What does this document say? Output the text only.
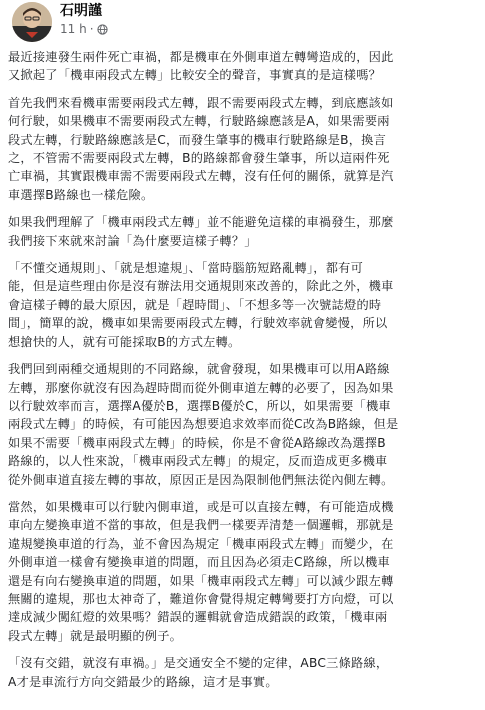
石明謹
11 h ·

最近接連發生兩件死亡車禍，都是機車在外側車道左轉彎造成的，因此
又掀起了「機車兩段式左轉」比較安全的聲音，事實真的是這樣嗎？

首先我們來看機車需要兩段式左轉，跟不需要兩段式左轉，到底應該如
何行駛，如果機車不需要兩段式左轉，行駛路線應該是A，如果需要兩
段式左轉，行駛路線應該是C，而發生肇事的機車行駛路線是B，換言
之，不管需不需要兩段式左轉，B的路線都會發生肇事，所以這兩件死
亡車禍，其實跟機車需不需要兩段式左轉，沒有任何的關係，就算是汽
車選擇B路線也一樣危險。

如果我們理解了「機車兩段式左轉」並不能避免這樣的車禍發生，那麼
我們接下來就來討論「為什麼要這樣子轉？」

「不懂交通規則」、「就是想違規」、「當時腦筋短路亂轉」，都有可
能，但是這些理由你是沒有辦法用交通規則來改善的，除此之外，機車
會這樣子轉的最大原因，就是「趕時間」、「不想多等一次號誌燈的時
間」，簡單的說，機車如果需要兩段式左轉，行駛效率就會變慢，所以
想搶快的人，就有可能採取B的方式左轉。

我們回到兩種交通規則的不同路線，就會發現，如果機車可以用A路線
左轉，那麼你就沒有因為趕時間而從外側車道左轉的必要了，因為如果
以行駛效率而言，選擇A優於B，選擇B優於C，所以，如果需要「機車
兩段式左轉」的時候，有可能因為想要追求效率而從C改為B路線，但是
如果不需要「機車兩段式左轉」的時候，你是不會從A路線改為選擇B
路線的，以人性來說，「機車兩段式左轉」的規定，反而造成更多機車
從外側車道直接左轉的事故，原因正是因為限制他們無法從內側左轉。

當然，如果機車可以行駛內側車道，或是可以直接左轉，有可能造成機
車向左變換車道不當的事故，但是我們一樣要弄清楚一個邏輯，那就是
違規變換車道的行為，並不會因為規定「機車兩段式左轉」而變少，在
外側車道一樣會有變換車道的問題，而且因為必須走C路線，所以機車
還是有向右變換車道的問題，如果「機車兩段式左轉」可以減少跟左轉
無關的違規，那也太神奇了，難道你會覺得規定轉彎要打方向燈，可以
達成減少闖紅燈的效果嗎？錯誤的邏輯就會造成錯誤的政策，「機車兩
段式左轉」就是最明顯的例子。

「沒有交錯，就沒有車禍。」是交通安全不變的定律，ABC三條路線，
A才是車流行方向交錯最少的路線，這才是事實。
